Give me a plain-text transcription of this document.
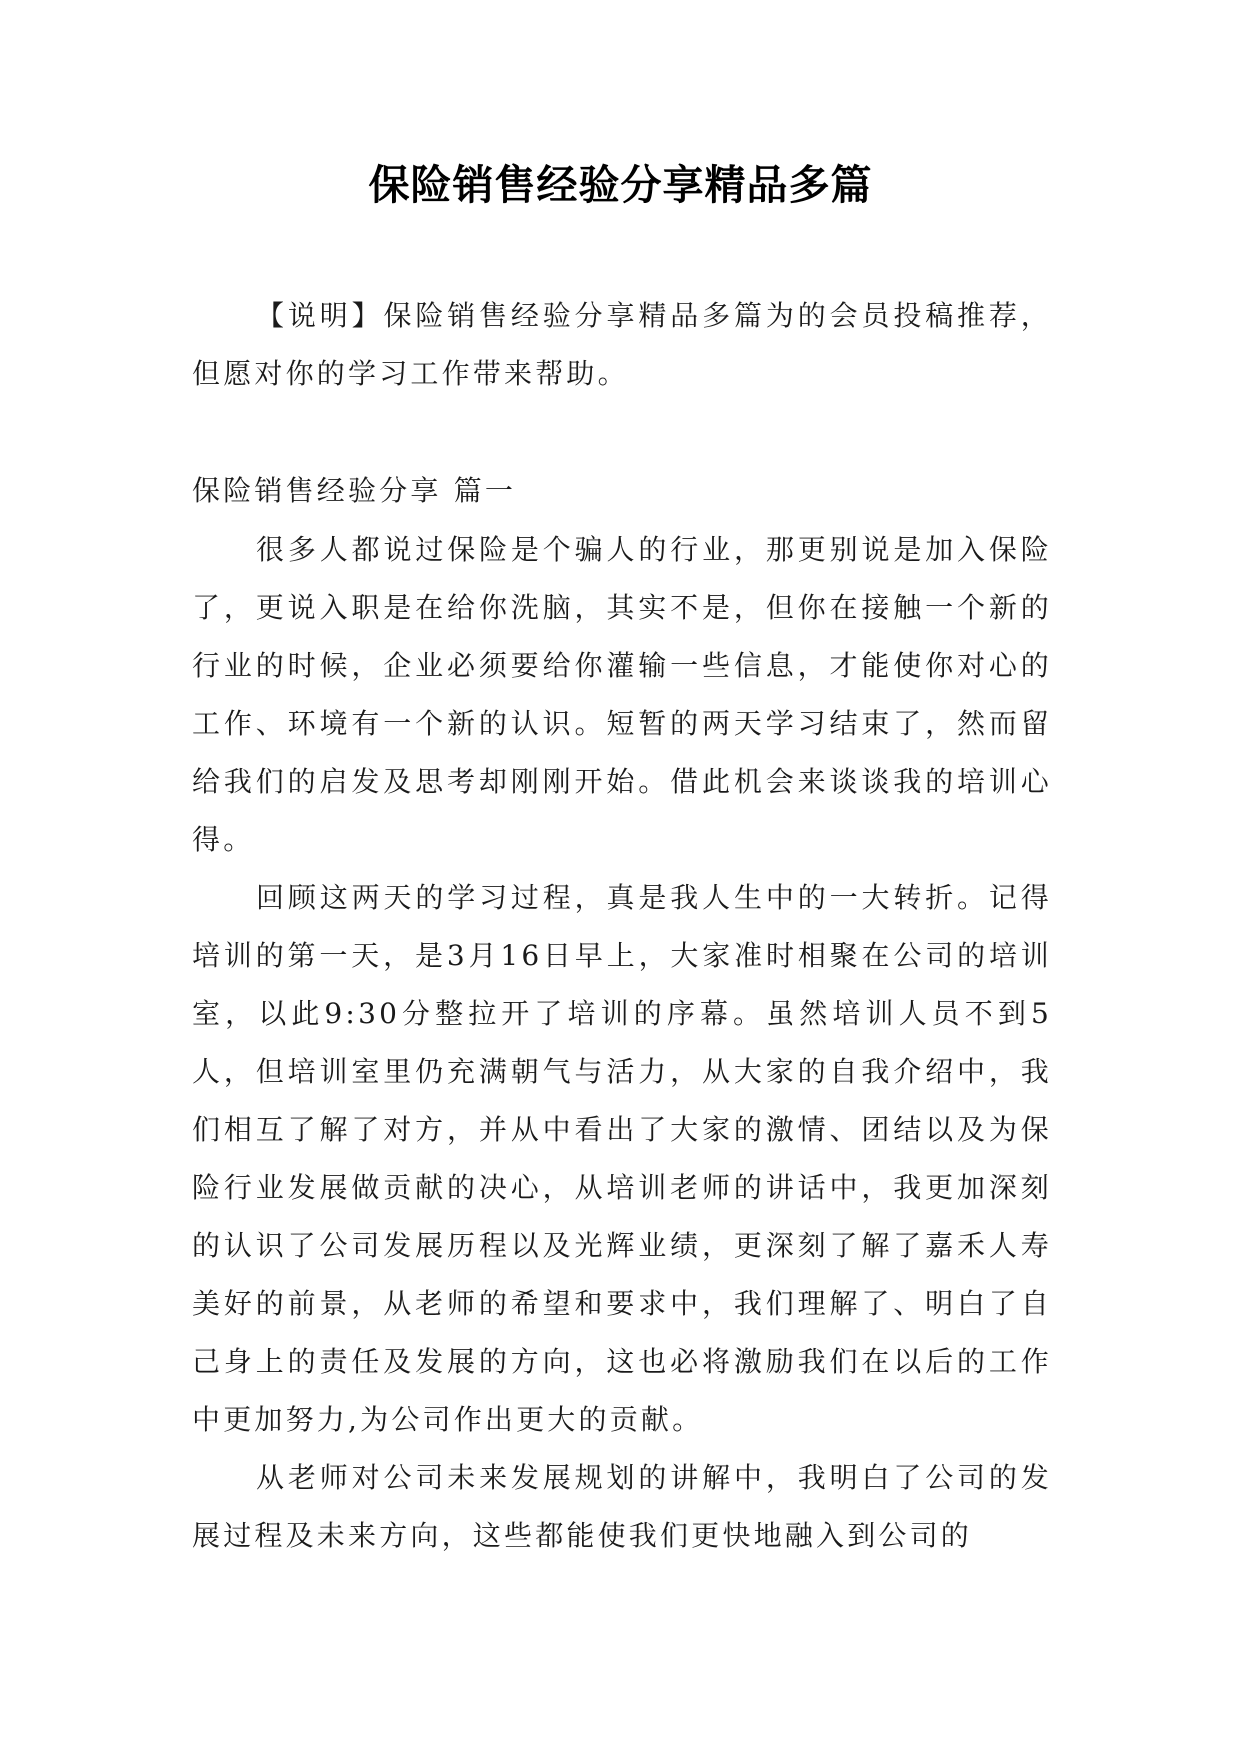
保险销售经验分享精品多篇

【说明】保险销售经验分享精品多篇为的会员投稿推荐，但愿对你的学习工作带来帮助。

保险销售经验分享 篇一

很多人都说过保险是个骗人的行业，那更别说是加入保险了，更说入职是在给你洗脑，其实不是，但你在接触一个新的行业的时候，企业必须要给你灌输一些信息，才能使你对心的工作、环境有一个新的认识。短暂的两天学习结束了，然而留给我们的启发及思考却刚刚开始。借此机会来谈谈我的培训心得。

回顾这两天的学习过程，真是我人生中的一大转折。记得培训的第一天，是3月16日早上，大家准时相聚在公司的培训室，以此9:30分整拉开了培训的序幕。虽然培训人员不到5人，但培训室里仍充满朝气与活力，从大家的自我介绍中，我们相互了解了对方，并从中看出了大家的激情、团结以及为保险行业发展做贡献的决心，从培训老师的讲话中，我更加深刻的认识了公司发展历程以及光辉业绩，更深刻了解了嘉禾人寿美好的前景，从老师的希望和要求中，我们理解了、明白了自己身上的责任及发展的方向，这也必将激励我们在以后的工作中更加努力,为公司作出更大的贡献。

从老师对公司未来发展规划的讲解中，我明白了公司的发展过程及未来方向，这些都能使我们更快地融入到公司的
